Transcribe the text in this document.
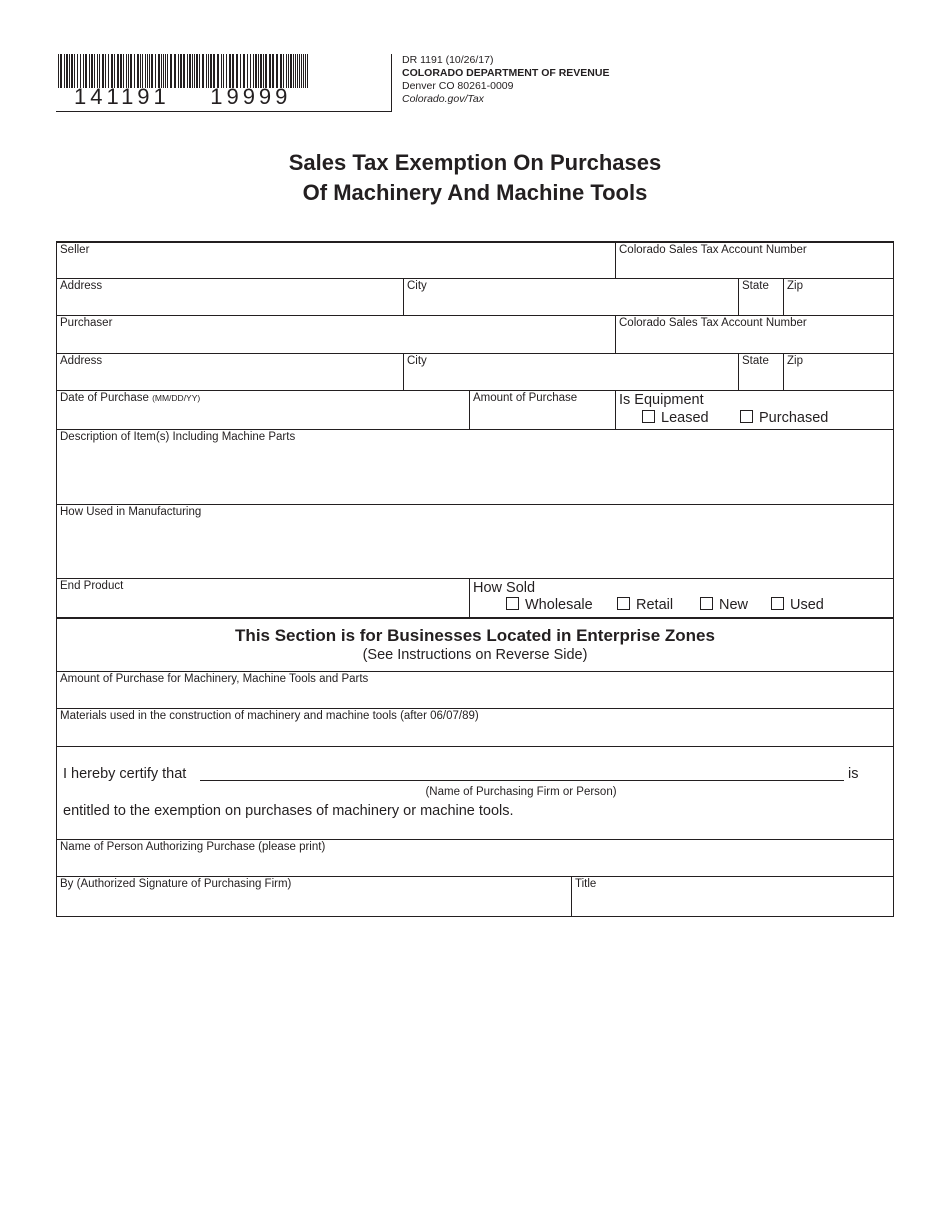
141191    19999
DR 1191 (10/26/17)
COLORADO DEPARTMENT OF REVENUE
Denver CO 80261-0009
Colorado.gov/Tax
Sales Tax Exemption On Purchases
Of Machinery And Machine Tools
Seller	Colorado Sales Tax Account Number
Address	City	State Zip
Purchaser	Colorado Sales Tax Account Number
Address	City	State Zip
Date of Purchase (MM/DD/YY)	Amount of Purchase	Is Equipment
Leased	Purchased
Description of Item(s) Including Machine Parts
How Used in Manufacturing
End Product	How Sold
Wholesale	Retail	New	Used
This Section is for Businesses Located in Enterprise Zones
(See Instructions on Reverse Side)
Amount of Purchase for Machinery, Machine Tools and Parts
Materials used in the construction of machinery and machine tools (after 06/07/89)
I hereby certify that	is
(Name of Purchasing Firm or Person)
entitled to the exemption on purchases of machinery or machine tools.
Name of Person Authorizing Purchase (please print)
By (Authorized Signature of Purchasing Firm)	Title
